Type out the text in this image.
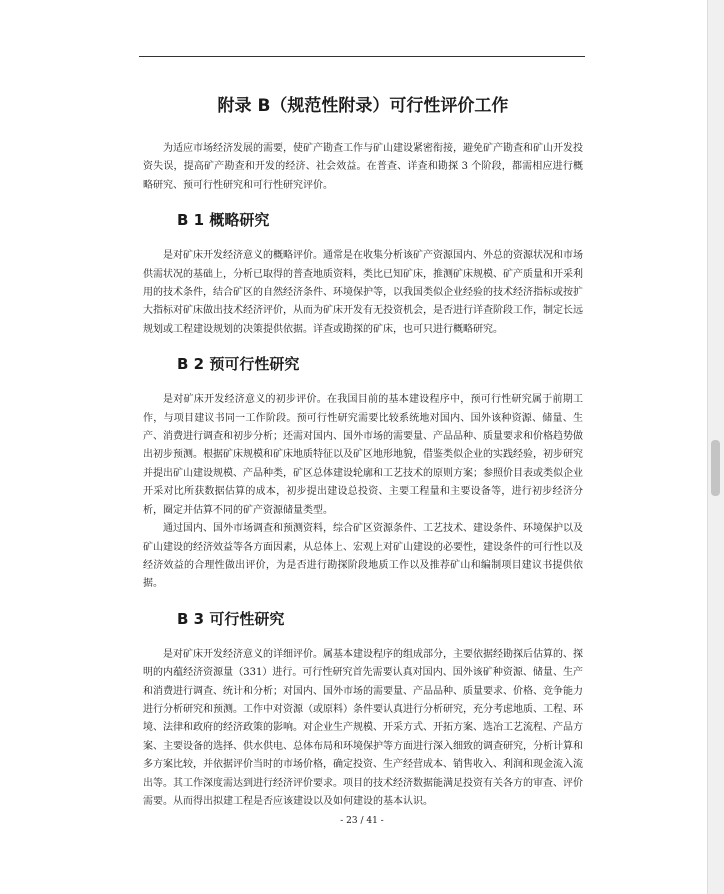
附录 B（规范性附录）可行性评价工作

为适应市场经济发展的需要，使矿产勘查工作与矿山建设紧密衔接，避免矿产勘查和矿山开发投资失误，提高矿产勘查和开发的经济、社会效益。在普查、详查和勘探 3 个阶段，都需相应进行概略研究、预可行性研究和可行性研究评价。

B 1 概略研究

是对矿床开发经济意义的概略评价。通常是在收集分析该矿产资源国内、外总的资源状况和市场供需状况的基础上，分析已取得的普查地质资料，类比已知矿床，推测矿床规模、矿产质量和开采利用的技术条件，结合矿区的自然经济条件、环境保护等，以我国类似企业经验的技术经济指标或按扩大指标对矿床做出技术经济评价，从而为矿床开发有无投资机会，是否进行详查阶段工作，制定长远规划或工程建设规划的决策提供依据。详查或勘探的矿床，也可只进行概略研究。

B 2 预可行性研究

是对矿床开发经济意义的初步评价。在我国目前的基本建设程序中，预可行性研究属于前期工作，与项目建议书同一工作阶段。预可行性研究需要比较系统地对国内、国外该种资源、储量、生产、消费进行调查和初步分析；还需对国内、国外市场的需要量、产品品种、质量要求和价格趋势做出初步预测。根据矿床规模和矿床地质特征以及矿区地形地貌，借鉴类似企业的实践经验，初步研究并提出矿山建设规模、产品种类，矿区总体建设轮廓和工艺技术的原则方案；参照价目表或类似企业开采对比所获数据估算的成本，初步提出建设总投资、主要工程量和主要设备等，进行初步经济分析，圈定并估算不同的矿产资源储量类型。

通过国内、国外市场调查和预测资料，综合矿区资源条件、工艺技术、建设条件、环境保护以及矿山建设的经济效益等各方面因素，从总体上、宏观上对矿山建设的必要性，建设条件的可行性以及经济效益的合理性做出评价，为是否进行勘探阶段地质工作以及推荐矿山和编制项目建议书提供依据。

B 3 可行性研究

是对矿床开发经济意义的详细评价。属基本建设程序的组成部分，主要依据经勘探后估算的、探明的内蕴经济资源量（331）进行。可行性研究首先需要认真对国内、国外该矿种资源、储量、生产和消费进行调查、统计和分析；对国内、国外市场的需要量、产品品种、质量要求、价格、竞争能力进行分析研究和预测。工作中对资源（或原料）条件要认真进行分析研究，充分考虑地质、工程、环境、法律和政府的经济政策的影响。对企业生产规模、开采方式、开拓方案、选冶工艺流程、产品方案、主要设备的选择、供水供电、总体布局和环境保护等方面进行深入细致的调查研究，分析计算和多方案比较，并依据评价当时的市场价格，确定投资、生产经营成本、销售收入、利润和现金流入流出等。其工作深度需达到进行经济评价要求。项目的技术经济数据能满足投资有关各方的审查、评价需要。从而得出拟建工程是否应该建设以及如何建设的基本认识。

- 23 / 41 -
